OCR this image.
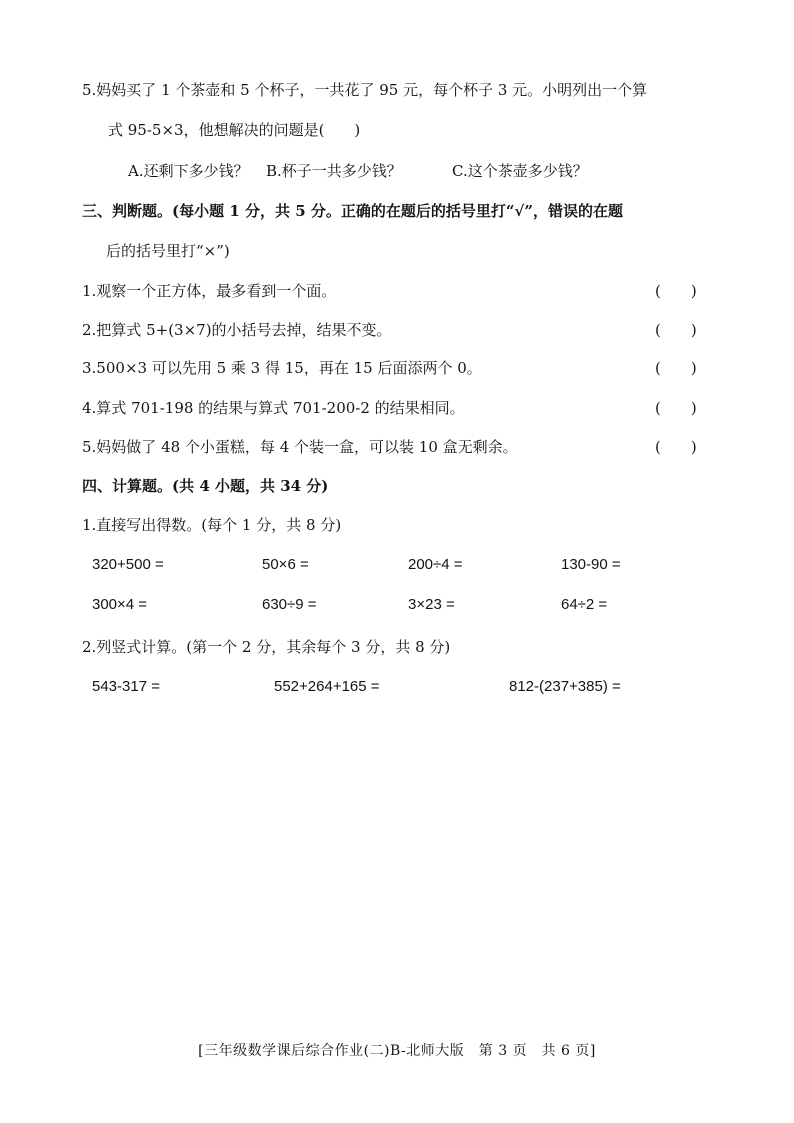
5.妈妈买了 1 个茶壶和 5 个杯子，一共花了 95 元，每个杯子 3 元。小明列出一个算
式 95-5×3，他想解决的问题是(　　)
A.还剩下多少钱？ B.杯子一共多少钱？	C.这个茶壶多少钱？
三、判断题。(每小题 1 分，共 5 分。正确的在题后的括号里打“√”，错误的在题
后的括号里打“×”)
1.观察一个正方体，最多看到一个面。	(　　)
2.把算式 5+(3×7)的小括号去掉，结果不变。	(　　)
3.500×3 可以先用 5 乘 3 得 15，再在 15 后面添两个 0。	(　　)
4.算式 701-198 的结果与算式 701-200-2 的结果相同。	(　　)
5.妈妈做了 48 个小蛋糕，每 4 个装一盒，可以装 10 盒无剩余。	(　　)
四、计算题。(共 4 小题，共 34 分)
1.直接写出得数。(每个 1 分，共 8 分)
320+500 =	50×6 =	200÷4 =	130-90 =
300×4 =	630÷9 =	3×23 =	64÷2 =
2.列竖式计算。(第一个 2 分，其余每个 3 分，共 8 分)
543-317 =	552+264+165 =	812-(237+385) =
[三年级数学课后综合作业(二)B-北师大版　第 3 页　共 6 页]
